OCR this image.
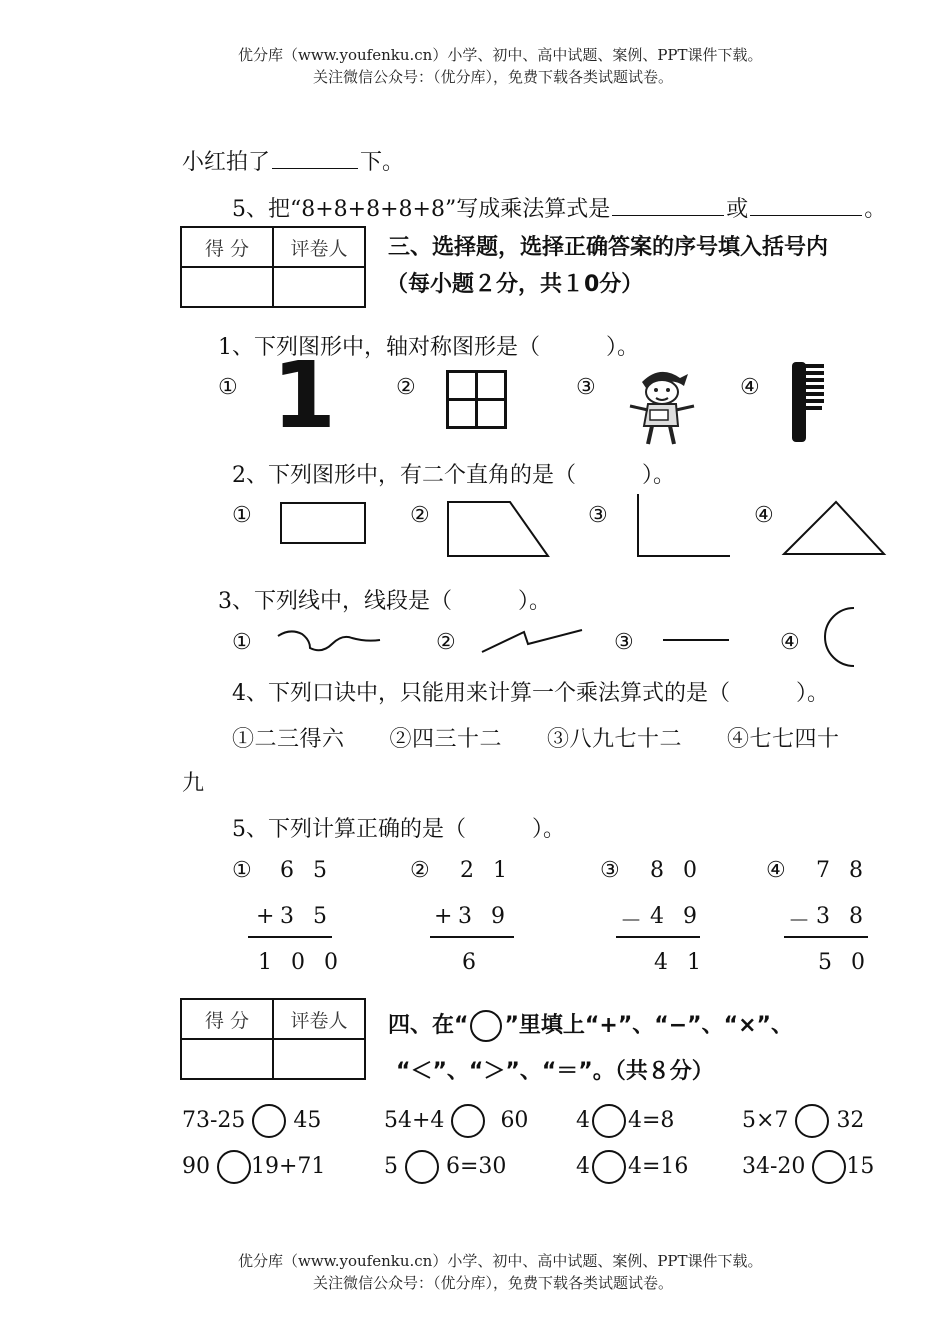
优分库（www.youfenku.cn）小学、初中、高中试题、案例、PPT课件下载。
关注微信公众号：（优分库），免费下载各类试题试卷。
小红拍了	下。
5、把“8+8+8+8+8”写成乘法算式是	或	。
得 分	评卷人
	三、选择题，选择正确答案的序号填入括号内
（每小题２分，共１0分）
1、下列图形中，轴对称图形是（　　　）。
① 1	②	③	④
2、下列图形中，有二个直角的是（　　　）。
①	②	③	④
3、下列线中，线段是（　　　）。
①	②	③	④
4、下列口诀中，只能用来计算一个乘法算式的是（　　　）。
①二三得六　　②四三十二　　③八九七十二　　④七七四十
九
5、下列计算正确的是（　　　）。
① 6 5
+ 3 5
1 0 0
② 2 1
+ 3 9
6
③ 8 0
－ 4 9
4 1
④ 7 8
－ 3 8
5 0
得 分	评卷人
	四、在“ ”里填上“+”、“−”、“×”、
“＜”、“＞”、“＝”。（共８分）
73-25 45	54+4	60 4 4=8	5×7 32
90 19+71	5 6=30	4 4=16 34-20 15
优分库（www.youfenku.cn）小学、初中、高中试题、案例、PPT课件下载。
关注微信公众号：（优分库），免费下载各类试题试卷。
